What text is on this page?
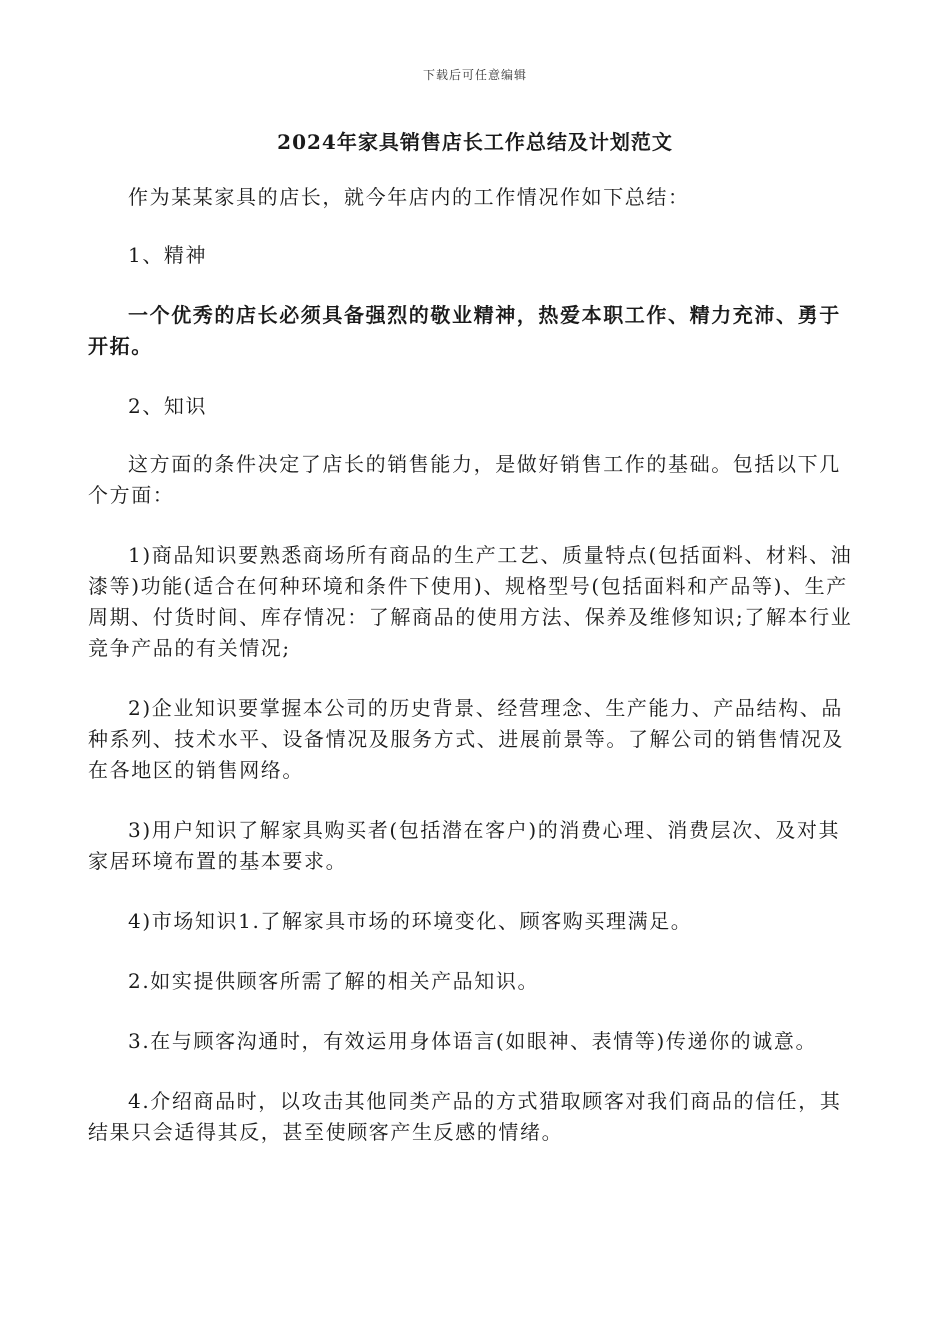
下载后可任意编辑
2024年家具销售店长工作总结及计划范文

作为某某家具的店长，就今年店内的工作情况作如下总结：

1、精神

一个优秀的店长必须具备强烈的敬业精神，热爱本职工作、精力充沛、勇于开拓。

2、知识

这方面的条件决定了店长的销售能力，是做好销售工作的基础。包括以下几个方面：

1)商品知识要熟悉商场所有商品的生产工艺、质量特点(包括面料、材料、油漆等)功能(适合在何种环境和条件下使用)、规格型号(包括面料和产品等)、生产周期、付货时间、库存情况：了解商品的使用方法、保养及维修知识;了解本行业竞争产品的有关情况;

2)企业知识要掌握本公司的历史背景、经营理念、生产能力、产品结构、品种系列、技术水平、设备情况及服务方式、进展前景等。了解公司的销售情况及在各地区的销售网络。

3)用户知识了解家具购买者(包括潜在客户)的消费心理、消费层次、及对其家居环境布置的基本要求。

4)市场知识1.了解家具市场的环境变化、顾客购买理满足。

2.如实提供顾客所需了解的相关产品知识。

3.在与顾客沟通时，有效运用身体语言(如眼神、表情等)传递你的诚意。

4.介绍商品时，以攻击其他同类产品的方式猎取顾客对我们商品的信任，其结果只会适得其反，甚至使顾客产生反感的情绪。
